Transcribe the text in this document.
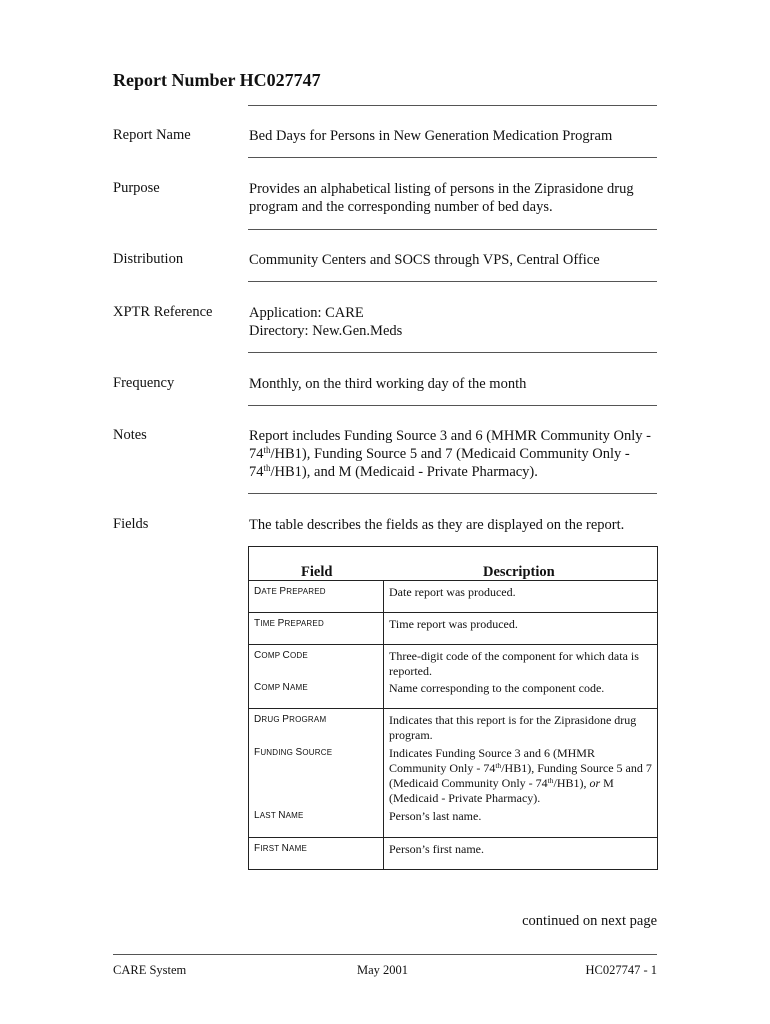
Report Number HC027747
Report Name	Bed Days for Persons in New Generation Medication Program
Purpose	Provides an alphabetical listing of persons in the Ziprasidone drug program and the corresponding number of bed days.
Distribution	Community Centers and SOCS through VPS, Central Office
XPTR Reference	Application: CARE
Directory: New.Gen.Meds
Frequency	Monthly, on the third working day of the month
Notes	Report includes Funding Source 3 and 6 (MHMR Community Only - 74th/HB1), Funding Source 5 and 7 (Medicaid Community Only - 74th/HB1), and M (Medicaid - Private Pharmacy).
Fields	The table describes the fields as they are displayed on the report.
Field	Description
DATE PREPARED	Date report was produced.
TIME PREPARED	Time report was produced.
COMP CODE	Three-digit code of the component for which data is reported.
COMP NAME	Name corresponding to the component code.
DRUG PROGRAM	Indicates that this report is for the Ziprasidone drug program.
FUNDING SOURCE	Indicates Funding Source 3 and 6 (MHMR Community Only - 74th/HB1), Funding Source 5 and 7 (Medicaid Community Only - 74th/HB1), or M (Medicaid - Private Pharmacy).
LAST NAME	Person’s last name.
FIRST NAME	Person’s first name.
continued on next page
CARE System	May 2001	HC027747 - 1
